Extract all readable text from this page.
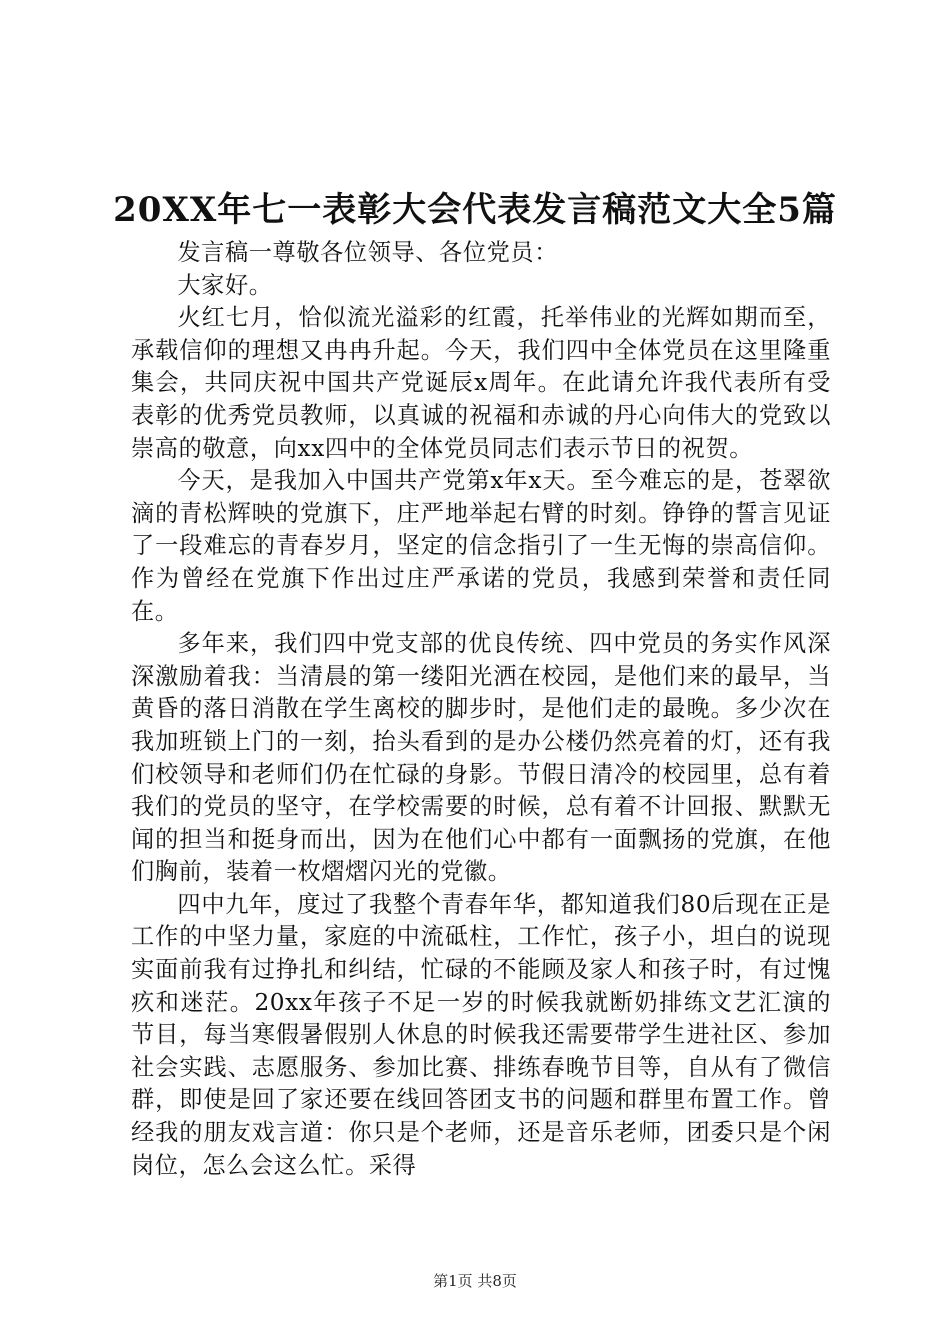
20XX年七一表彰大会代表发言稿范文大全5篇

发言稿一尊敬各位领导、各位党员：

大家好。

火红七月，恰似流光溢彩的红霞，托举伟业的光辉如期而至，承载信仰的理想又冉冉升起。今天，我们四中全体党员在这里隆重集会，共同庆祝中国共产党诞辰x周年。在此请允许我代表所有受表彰的优秀党员教师，以真诚的祝福和赤诚的丹心向伟大的党致以崇高的敬意，向xx四中的全体党员同志们表示节日的祝贺。

今天，是我加入中国共产党第x年x天。至今难忘的是，苍翠欲滴的青松辉映的党旗下，庄严地举起右臂的时刻。铮铮的誓言见证了一段难忘的青春岁月，坚定的信念指引了一生无悔的崇高信仰。作为曾经在党旗下作出过庄严承诺的党员，我感到荣誉和责任同在。

多年来，我们四中党支部的优良传统、四中党员的务实作风深深激励着我：当清晨的第一缕阳光洒在校园，是他们来的最早，当黄昏的落日消散在学生离校的脚步时，是他们走的最晚。多少次在我加班锁上门的一刻，抬头看到的是办公楼仍然亮着的灯，还有我们校领导和老师们仍在忙碌的身影。节假日清冷的校园里，总有着我们的党员的坚守，在学校需要的时候，总有着不计回报、默默无闻的担当和挺身而出，因为在他们心中都有一面飘扬的党旗，在他们胸前，装着一枚熠熠闪光的党徽。

四中九年，度过了我整个青春年华，都知道我们80后现在正是工作的中坚力量，家庭的中流砥柱，工作忙，孩子小，坦白的说现实面前我有过挣扎和纠结，忙碌的不能顾及家人和孩子时，有过愧疚和迷茫。20xx年孩子不足一岁的时候我就断奶排练文艺汇演的节目，每当寒假暑假别人休息的时候我还需要带学生进社区、参加社会实践、志愿服务、参加比赛、排练春晚节目等，自从有了微信群，即使是回了家还要在线回答团支书的问题和群里布置工作。曾经我的朋友戏言道：你只是个老师，还是音乐老师，团委只是个闲岗位，怎么会这么忙。采得

第1页 共8页
